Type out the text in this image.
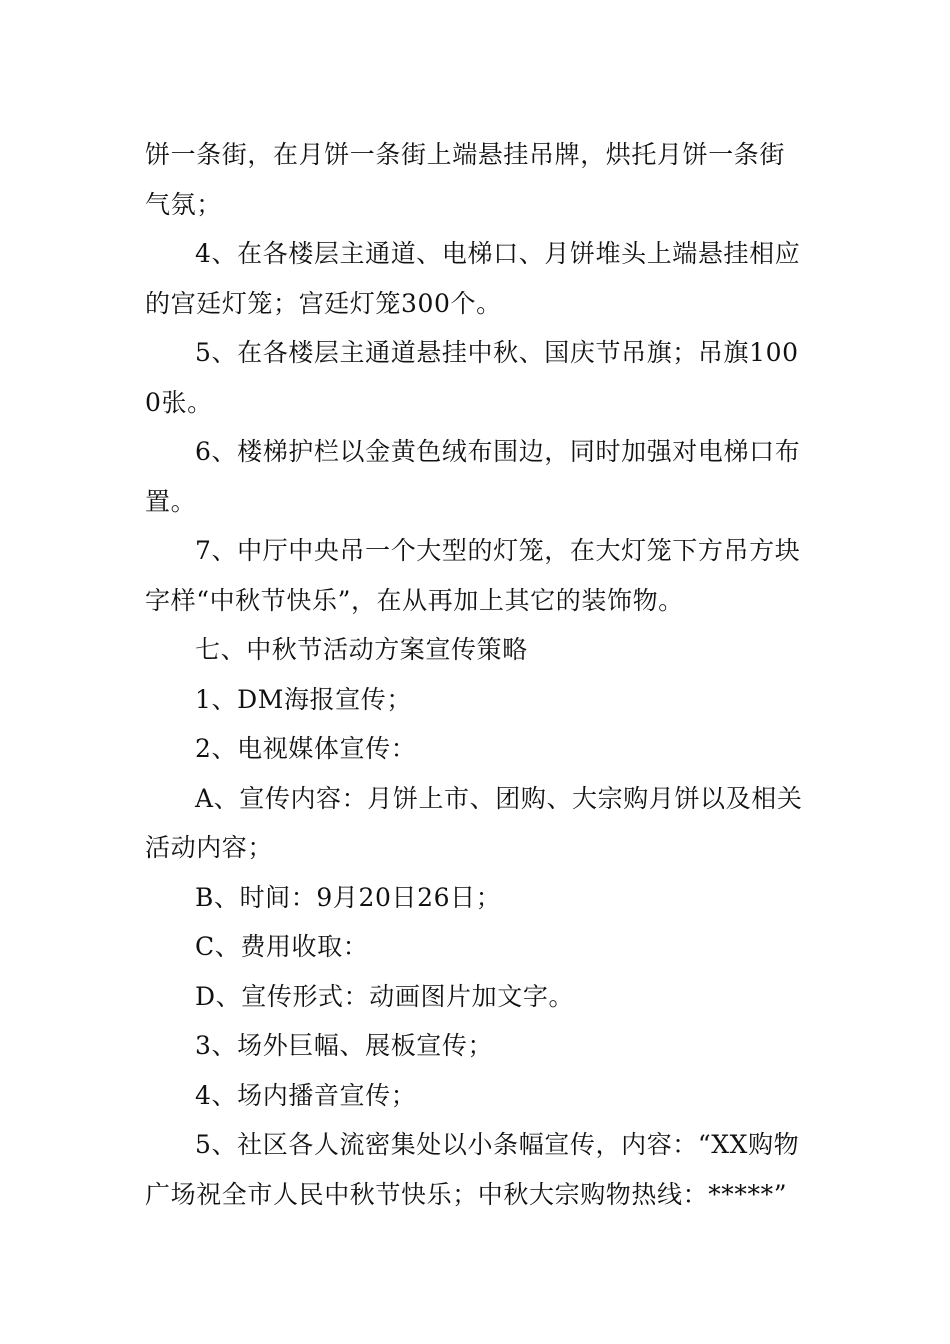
饼一条街，在月饼一条街上端悬挂吊牌，烘托月饼一条街气氛；

4、在各楼层主通道、电梯口、月饼堆头上端悬挂相应的宫廷灯笼；宫廷灯笼300个。

5、在各楼层主通道悬挂中秋、国庆节吊旗；吊旗1000张。

6、楼梯护栏以金黄色绒布围边，同时加强对电梯口布置。

7、中厅中央吊一个大型的灯笼，在大灯笼下方吊方块字样“中秋节快乐”，在从再加上其它的装饰物。

七、中秋节活动方案宣传策略

1、DM海报宣传；

2、电视媒体宣传：

A、宣传内容：月饼上市、团购、大宗购月饼以及相关活动内容；

B、时间：9月20日26日；

C、费用收取：

D、宣传形式：动画图片加文字。

3、场外巨幅、展板宣传；

4、场内播音宣传；

5、社区各人流密集处以小条幅宣传，内容：“XX购物广场祝全市人民中秋节快乐；中秋大宗购物热线：*****”
